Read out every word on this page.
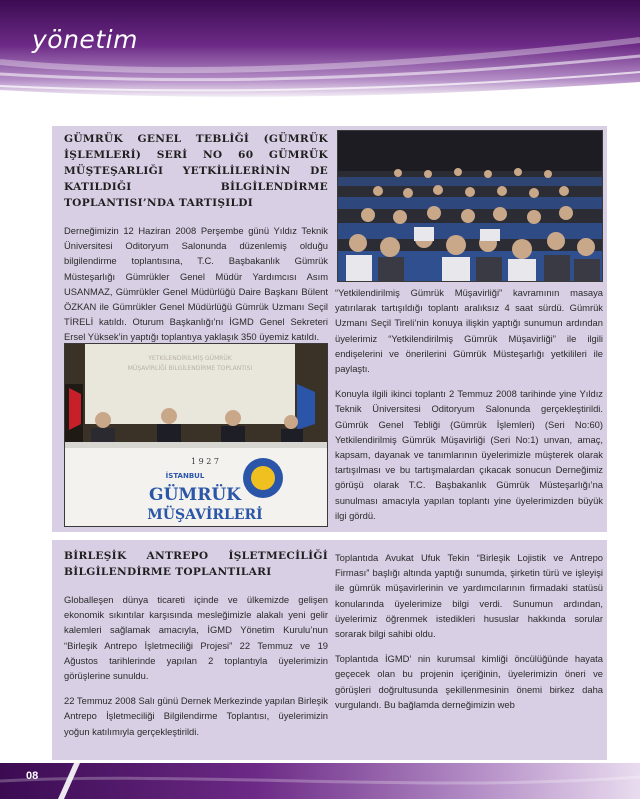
yönetim
GÜMRÜK GENEL TEBLİĞİ (GÜMRÜK İŞLEMLERİ) SERİ NO 60 GÜMRÜK MÜŞTEŞARLIĞI YETKİLİLERİNİN DE KATILDIĞI BİLGİLENDİRME TOPLANTISI’NDA TARTIŞILDI

Derneğimizin 12 Haziran 2008 Perşembe günü Yıldız Teknik Üniversitesi Oditoryum Salonunda düzenlemiş olduğu bilgilendirme toplantısına, T.C. Başbakanlık Gümrük Müsteşarlığı Gümrükler Genel Müdür Yardımcısı Asım USANMAZ, Gümrükler Genel Müdürlüğü Daire Başkanı Bülent ÖZKAN ile Gümrükler Genel Müdürlüğü Gümrük Uzmanı Seçil TİRELİ katıldı. Oturum Başkanlığı’nı İGMD Genel Sekreteri Ersel Yüksek’in yaptığı toplantıya yaklaşık 350 üyemiz katıldı.

“Yetkilendirilmiş Gümrük Müşavirliği” kavramının masaya yatırılarak tartışıldığı toplantı aralıksız 4 saat sürdü. Gümrük Uzmanı Seçil Tireli’nin konuya ilişkin yaptığı sunumun ardından üyelerimiz “Yetkilendirilmiş Gümrük Müşavirliği” ile ilgili endişelerini ve önerilerini Gümrük Müsteşarlığı yetkilileri ile paylaştı.

Konuyla ilgili ikinci toplantı 2 Temmuz 2008 tarihinde yine Yıldız Teknik Üniversitesi Oditoryum Salonunda gerçekleştirildi. Gümrük Genel Tebliği (Gümrük İşlemleri) (Seri No:60) Yetkilendirilmiş Gümrük Müşavirliği (Seri No:1) unvan, amaç, kapsam, dayanak ve tanımlarının üyelerimizle müşterek olarak tartışılması ve bu tartışmalardan çıkacak sonucun Derneğimiz görüşü olarak T.C. Başbakanlık Gümrük Müsteşarlığı’na sunulması amacıyla yapılan toplantı yine üyelerimizden büyük ilgi gördü.

YETKİLENDİRİLMİŞ GÜMRÜK
MÜŞAVİRLİĞİ BİLGİLENDİRME TOPLANTISI
1 9 2 7
İSTANBUL
GÜMRÜK
MÜŞAVİRLERİ
BİRLEŞİK ANTREPO İŞLETMECİLİĞİ BİLGİLENDİRME TOPLANTILARI

Globalleşen dünya ticareti içinde ve ülkemizde gelişen ekonomik sıkıntılar karşısında mesleğimizle alakalı yeni gelir kalemleri sağlamak amacıyla, İGMD Yönetim Kurulu’nun “Birleşik Antrepo İşletmeciliği Projesi” 22 Temmuz ve 19 Ağustos tarihlerinde yapılan 2 toplantıyla üyelerimizin görüşlerine sunuldu.

22 Temmuz 2008 Salı günü Dernek Merkezinde yapılan Birleşik Antrepo İşletmeciliği Bilgilendirme Toplantısı, üyelerimizin yoğun katılımıyla gerçekleştirildi.

Toplantıda Avukat Ufuk Tekin “Birleşik Lojistik ve Antrepo Firması” başlığı altında yaptığı sunumda, şirketin türü ve işleyişi ile gümrük müşavirlerinin ve yardımcılarının firmadaki statüsü konularında üyelerimize bilgi verdi. Sunumun ardından, üyelerimiz öğrenmek istedikleri hususlar hakkında sorular sorarak bilgi sahibi oldu.

Toplantıda İGMD’ nin kurumsal kimliği öncülüğünde hayata geçecek olan bu projenin içeriğinin, üyelerimizin öneri ve görüşleri doğrultusunda şekillenmesinin önemi birkez daha vurgulandı. Bu bağlamda derneğimizin web

08
